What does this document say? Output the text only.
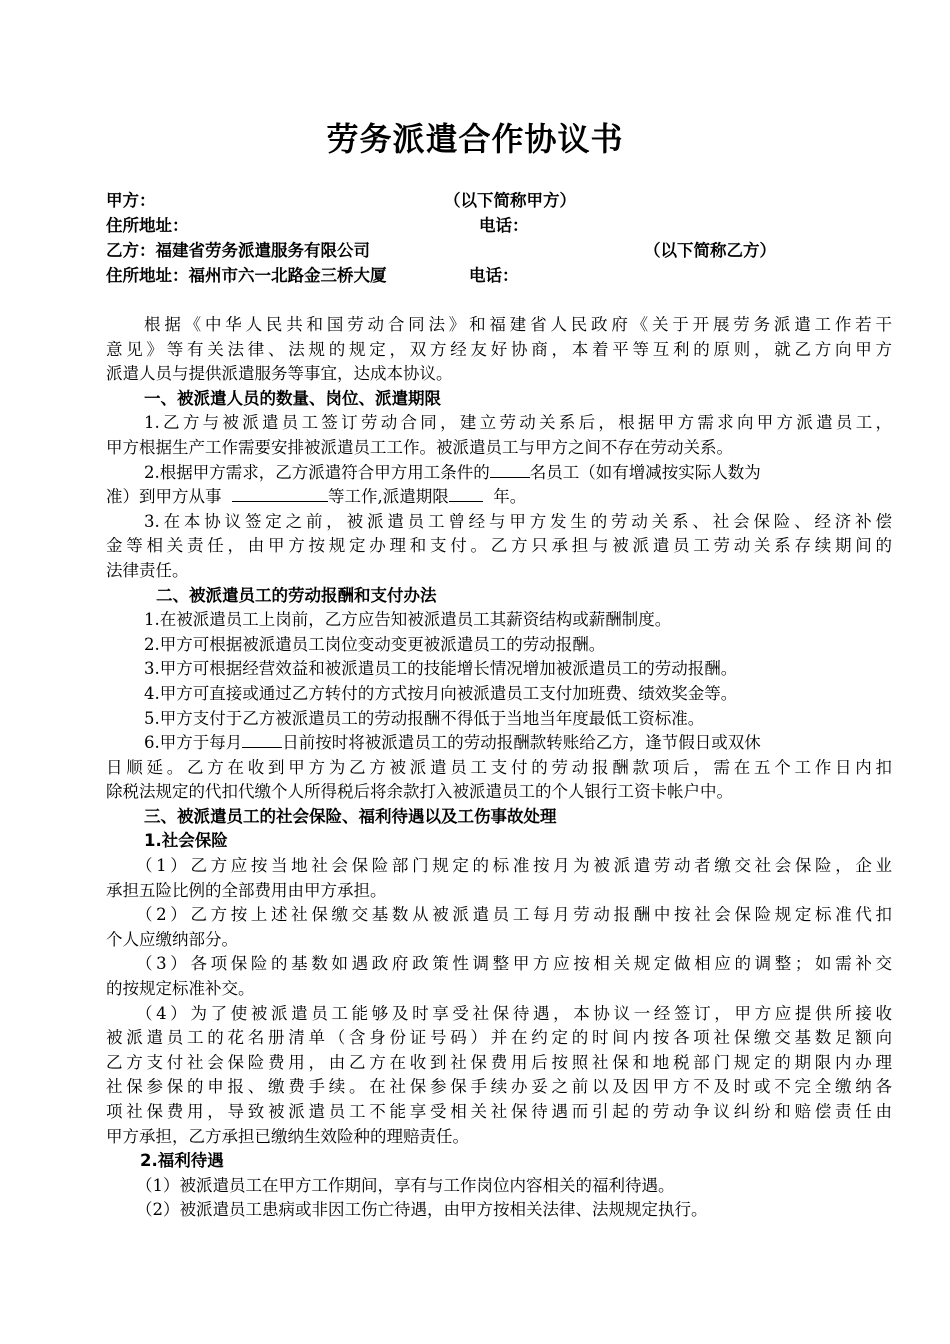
劳务派遣合作协议书
甲方：	（以下简称甲方）
住所地址：	电话：
乙方：福建省劳务派遣服务有限公司	（以下简称乙方）
住所地址：福州市六一北路金三桥大厦	电话：
根据《中华人民共和国劳动合同法》和福建省人民政府《关于开展劳务派遣工作若干
意见》等有关法律、法规的规定，双方经友好协商，本着平等互利的原则，就乙方向甲方
派遣人员与提供派遣服务等事宜，达成本协议。
一、被派遣人员的数量、岗位、派遣期限
1.乙方与被派遣员工签订劳动合同，建立劳动关系后，根据甲方需求向甲方派遣员工，
甲方根据生产工作需要安排被派遣员工工作。被派遣员工与甲方之间不存在劳动关系。
2.根据甲方需求，乙方派遣符合甲方用工条件的 名员工（如有增减按实际人数为
准）到甲方从事	等工作,派遣期限	年。
3.在本协议签定之前，被派遣员工曾经与甲方发生的劳动关系、社会保险、经济补偿
金等相关责任，由甲方按规定办理和支付。乙方只承担与被派遣员工劳动关系存续期间的
法律责任。
二、被派遣员工的劳动报酬和支付办法
1.在被派遣员工上岗前，乙方应告知被派遣员工其薪资结构或薪酬制度。
2.甲方可根据被派遣员工岗位变动变更被派遣员工的劳动报酬。
3.甲方可根据经营效益和被派遣员工的技能增长情况增加被派遣员工的劳动报酬。
4.甲方可直接或通过乙方转付的方式按月向被派遣员工支付加班费、绩效奖金等。
5.甲方支付于乙方被派遣员工的劳动报酬不得低于当地当年度最低工资标准。
6.甲方于每月 日前按时将被派遣员工的劳动报酬款转账给乙方，逢节假日或双休
日顺延。乙方在收到甲方为乙方被派遣员工支付的劳动报酬款项后，需在五个工作日内扣
除税法规定的代扣代缴个人所得税后将余款打入被派遣员工的个人银行工资卡帐户中。
三、被派遣员工的社会保险、福利待遇以及工伤事故处理
1.社会保险
（1）乙方应按当地社会保险部门规定的标准按月为被派遣劳动者缴交社会保险，企业
承担五险比例的全部费用由甲方承担。
（2）乙方按上述社保缴交基数从被派遣员工每月劳动报酬中按社会保险规定标准代扣
个人应缴纳部分。
（3）各项保险的基数如遇政府政策性调整甲方应按相关规定做相应的调整；如需补交
的按规定标准补交。
（4）为了使被派遣员工能够及时享受社保待遇，本协议一经签订，甲方应提供所接收
被派遣员工的花名册清单（含身份证号码）并在约定的时间内按各项社保缴交基数足额向
乙方支付社会保险费用，由乙方在收到社保费用后按照社保和地税部门规定的期限内办理
社保参保的申报、缴费手续。在社保参保手续办妥之前以及因甲方不及时或不完全缴纳各
项社保费用，导致被派遣员工不能享受相关社保待遇而引起的劳动争议纠纷和赔偿责任由
甲方承担，乙方承担已缴纳生效险种的理赔责任。
2.福利待遇
（1）被派遣员工在甲方工作期间，享有与工作岗位内容相关的福利待遇。
（2）被派遣员工患病或非因工伤亡待遇，由甲方按相关法律、法规规定执行。
